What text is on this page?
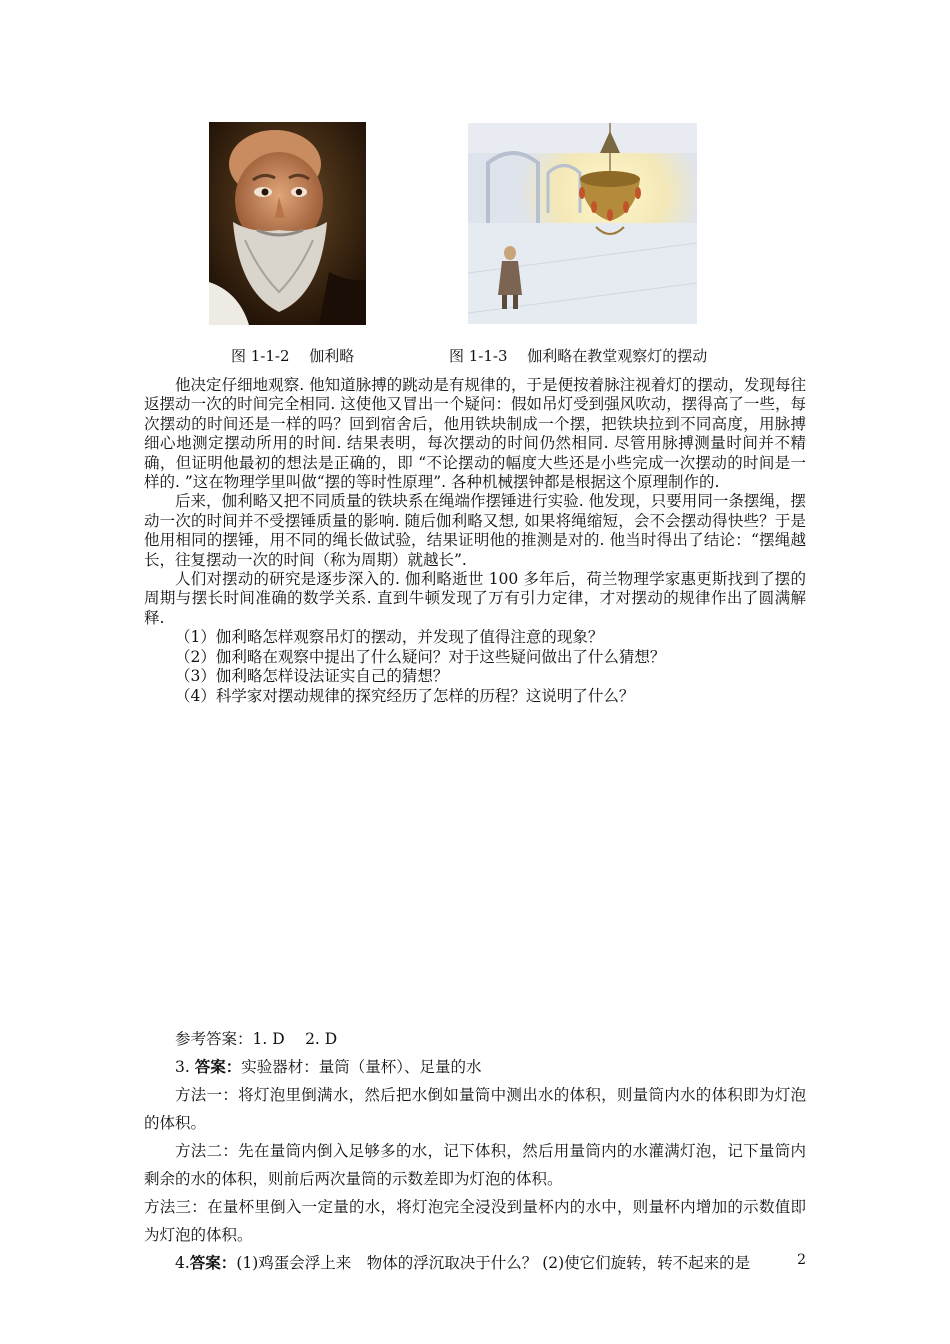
图 1-1-2　 伽利略	图 1-1-3　 伽利略在教堂观察灯的摆动

他决定仔细地观察. 他知道脉搏的跳动是有规律的，于是便按着脉注视着灯的摆动，发现每往返摆动一次的时间完全相同. 这使他又冒出一个疑问：假如吊灯受到强风吹动，摆得高了一些，每次摆动的时间还是一样的吗？回到宿舍后，他用铁块制成一个摆，把铁块拉到不同高度，用脉搏细心地测定摆动所用的时间. 结果表明，每次摆动的时间仍然相同. 尽管用脉搏测量时间并不精确，但证明他最初的想法是正确的，即 “不论摆动的幅度大些还是小些完成一次摆动的时间是一样的. ”这在物理学里叫做“摆的等时性原理”. 各种机械摆钟都是根据这个原理制作的.

后来，伽利略又把不同质量的铁块系在绳端作摆锤进行实验. 他发现，只要用同一条摆绳，摆动一次的时间并不受摆锤质量的影响. 随后伽利略又想, 如果将绳缩短，会不会摆动得快些？于是他用相同的摆锤，用不同的绳长做试验，结果证明他的推测是对的. 他当时得出了结论：“摆绳越长，往复摆动一次的时间（称为周期）就越长”.

人们对摆动的研究是逐步深入的. 伽利略逝世 100 多年后，荷兰物理学家惠更斯找到了摆的周期与摆长时间准确的数学关系. 直到牛顿发现了万有引力定律，才对摆动的规律作出了圆满解释.

（1）伽利略怎样观察吊灯的摆动，并发现了值得注意的现象？

（2）伽利略在观察中提出了什么疑问？对于这些疑问做出了什么猜想？

（3）伽利略怎样设法证实自己的猜想？

（4）科学家对摆动规律的探究经历了怎样的历程？这说明了什么？

参考答案：1. D　 2. D

3. 答案：实验器材：量筒（量杯）、足量的水

方法一：将灯泡里倒满水，然后把水倒如量筒中测出水的体积，则量筒内水的体积即为灯泡的体积。

方法二：先在量筒内倒入足够多的水，记下体积，然后用量筒内的水灌满灯泡，记下量筒内剩余的水的体积，则前后两次量筒的示数差即为灯泡的体积。

方法三：在量杯里倒入一定量的水，将灯泡完全浸没到量杯内的水中，则量杯内增加的示数值即为灯泡的体积。

4.答案：(1)鸡蛋会浮上来　物体的浮沉取决于什么？ (2)使它们旋转，转不起来的是	2
